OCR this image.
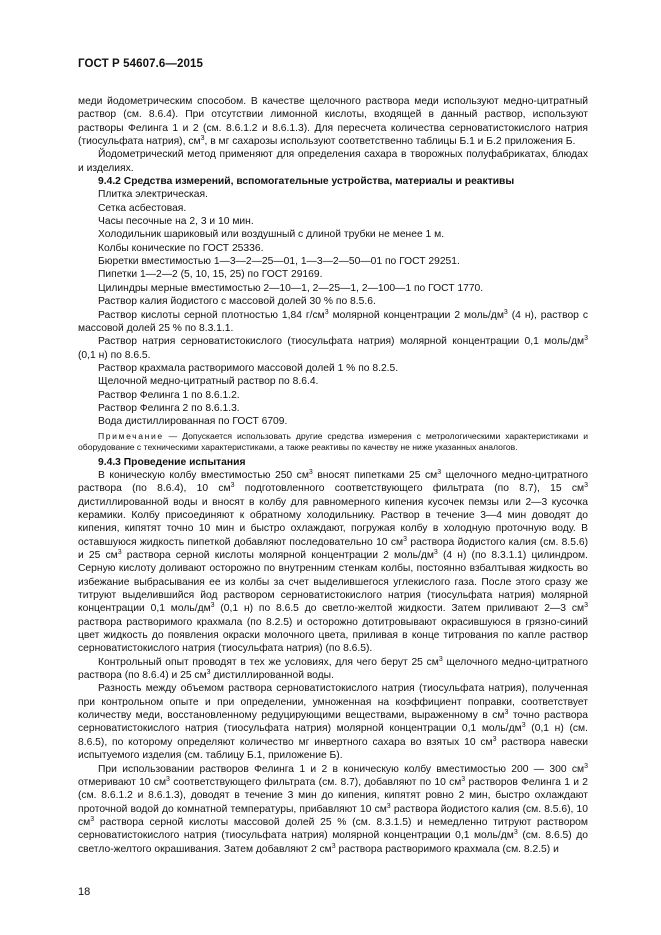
ГОСТ Р 54607.6—2015

меди йодометрическим способом. В качестве щелочного раствора меди используют медно-цитратный раствор (см. 8.6.4). При отсутствии лимонной кислоты, входящей в данный раствор, используют растворы Фелинга 1 и 2 (см. 8.6.1.2 и 8.6.1.3). Для пересчета количества серноватистокислого натрия (тиосульфата натрия), $см^3$, в мг сахарозы используют соответственно таблицы Б.1 и Б.2 приложения Б.

Йодометрический метод применяют для определения сахара в творожных полуфабрикатах, блюдах и изделиях.

9.4.2 Средства измерений, вспомогательные устройства, материалы и реактивы

Плитка электрическая.

Сетка асбестовая.

Часы песочные на 2, 3 и 10 мин.

Холодильник шариковый или воздушный с длиной трубки не менее 1 м.

Колбы конические по ГОСТ 25336.

Бюретки вместимостью 1—3—2—25—01, 1—3—2—50—01 по ГОСТ 29251.

Пипетки 1—2—2 (5, 10, 15, 25) по ГОСТ 29169.

Цилиндры мерные вместимостью 2—10—1, 2—25—1, 2—100—1 по ГОСТ 1770.

Раствор калия йодистого с массовой долей 30 % по 8.5.6.

Раствор кислоты серной плотностью 1,84 $г/см^3$ молярной концентрации 2 моль/$дм^3$ (4 н), раствор с массовой долей 25 % по 8.3.1.1.

Раствор натрия серноватистокислого (тиосульфата натрия) молярной концентрации 0,1 моль/$дм^3$ (0,1 н) по 8.6.5.

Раствор крахмала растворимого массовой долей 1 % по 8.2.5.

Щелочной медно-цитратный раствор по 8.6.4.

Раствор Фелинга 1 по 8.6.1.2.

Раствор Фелинга 2 по 8.6.1.3.

Вода дистиллированная по ГОСТ 6709.

Примечание — Допускается использовать другие средства измерения с метрологическими характеристиками и оборудование с техническими характеристиками, а также реактивы по качеству не ниже указанных аналогов.

9.4.3 Проведение испытания

В коническую колбу вместимостью 250 $см^3$ вносят пипетками 25 $см^3$ щелочного медно-цитратного раствора (по 8.6.4), 10 $см^3$ подготовленного соответствующего фильтрата (по 8.7), 15 $см^3$ дистиллированной воды и вносят в колбу для равномерного кипения кусочек пемзы или 2—3 кусочка керамики. Колбу присоединяют к обратному холодильнику. Раствор в течение 3—4 мин доводят до кипения, кипятят точно 10 мин и быстро охлаждают, погружая колбу в холодную проточную воду. В оставшуюся жидкость пипеткой добавляют последовательно 10 $см^3$ раствора йодистого калия (см. 8.5.6) и 25 $см^3$ раствора серной кислоты молярной концентрации 2 моль/$дм^3$ (4 н) (по 8.3.1.1) цилиндром. Серную кислоту доливают осторожно по внутренним стенкам колбы, постоянно взбалтывая жидкость во избежание выбрасывания ее из колбы за счет выделившегося углекислого газа. После этого сразу же титруют выделившийся йод раствором серноватистокислого натрия (тиосульфата натрия) молярной концентрации 0,1 моль/$дм^3$ (0,1 н) по 8.6.5 до светло-желтой жидкости. Затем приливают 2—3 $см^3$ раствора растворимого крахмала (по 8.2.5) и осторожно дотитровывают окрасившуюся в грязно-синий цвет жидкость до появления окраски молочного цвета, приливая в конце титрования по капле раствор серноватистокислого натрия (тиосульфата натрия) (по 8.6.5).

Контрольный опыт проводят в тех же условиях, для чего берут 25 $см^3$ щелочного медно-цитратного раствора (по 8.6.4) и 25 $см^3$ дистиллированной воды.

Разность между объемом раствора серноватистокислого натрия (тиосульфата натрия), полученная при контрольном опыте и при определении, умноженная на коэффициент поправки, соответствует количеству меди, восстановленному редуцирующими веществами, выраженному в $см^3$ точно раствора серноватистокислого натрия (тиосульфата натрия) молярной концентрации 0,1 моль/$дм^3$ (0,1 н) (см. 8.6.5), по которому определяют количество мг инвертного сахара во взятых 10 $см^3$ раствора навески испытуемого изделия (см. таблицу Б.1, приложение Б).

При использовании растворов Фелинга 1 и 2 в коническую колбу вместимостью 200 — 300 $см^3$ отмеривают 10 $см^3$ соответствующего фильтрата (см. 8.7), добавляют по 10 $см^3$ растворов Фелинга 1 и 2 (см. 8.6.1.2 и 8.6.1.3), доводят в течение 3 мин до кипения, кипятят ровно 2 мин, быстро охлаждают проточной водой до комнатной температуры, прибавляют 10 $см^3$ раствора йодистого калия (см. 8.5.6), 10 $см^3$ раствора серной кислоты массовой долей 25 % (см. 8.3.1.5) и немедленно титруют раствором серноватистокислого натрия (тиосульфата натрия) молярной концентрации 0,1 моль/$дм^3$ (см. 8.6.5) до светло-желтого окрашивания. Затем добавляют 2 $см^3$ раствора растворимого крахмала (см. 8.2.5) и

18
